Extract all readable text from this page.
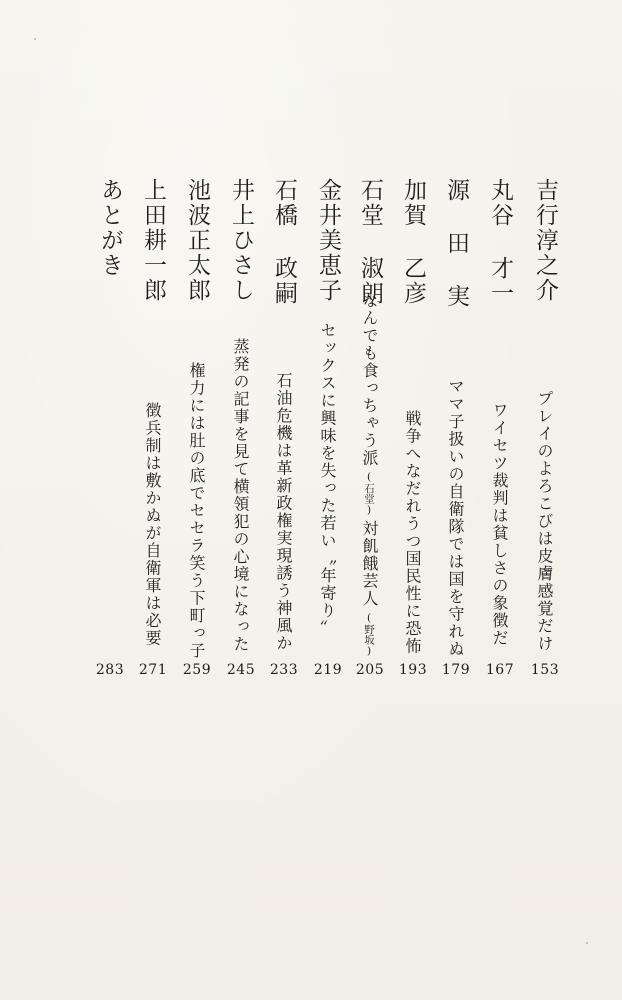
吉行淳之介
プレイのよろこびは皮膚感覚だけ
153
丸谷 才一
ワイセツ裁判は貧しさの象徴だ
167
源 田 実
ママ子扱いの自衛隊では国を守れぬ
179
加賀 乙彦
戦争へなだれうつ国民性に恐怖
193
石堂 淑朗
なんでも食っちゃう派(石堂)対飢餓芸人(野坂)
205
金井美恵子
セックスに興味を失った若い〝年寄り〟
219
石橋 政嗣
石油危機は革新政権実現誘う神風か
233
井上ひさし
蒸発の記事を見て横領犯の心境になった
245
池波正太郎
権力には肚の底でセセラ笑う下町っ子
259
上田耕一郎
徴兵制は敷かぬが自衛軍は必要
271
あとがき
283
